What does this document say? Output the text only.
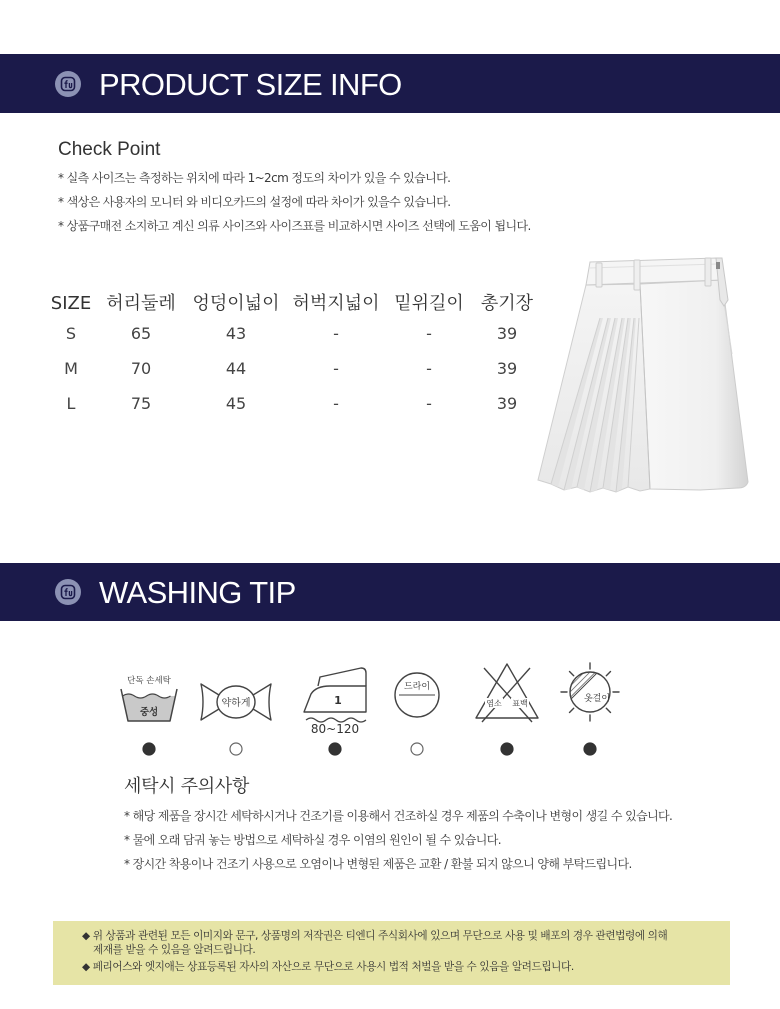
PRODUCT SIZE INFO
Check Point
* 실측 사이즈는 측정하는 위치에 따라 1~2cm 정도의 차이가 있을 수 있습니다.
* 색상은 사용자의 모니터 와 비디오카드의 설정에 따라 차이가 있을수 있습니다.
* 상품구매전 소지하고 계신 의류 사이즈와 사이즈표를 비교하시면 사이즈 선택에 도움이 됩니다.
SIZE 허리둘레 엉덩이넓이 허벅지넓이 밑위길이 총기장
S	65	43	-	-	39
M	70	44	-	-	39
L	75	45	-	-	39
WASHING TIP
단독 손세탁
중성
약하게	1
80~120
드라이
염소 표백	옷걸이
세탁시 주의사항
* 해당 제품을 장시간 세탁하시거나 건조기를 이용해서 건조하실 경우 제품의 수축이나 변형이 생길 수 있습니다.
* 물에 오래 담궈 놓는 방법으로 세탁하실 경우 이염의 원인이 될 수 있습니다.
* 장시간 착용이나 건조기 사용으로 오염이나 변형된 제품은 교환 / 환불 되지 않으니 양해 부탁드립니다.
◆ 위 상품과 관련된 모든 이미지와 문구, 상품명의 저작권은 티엔디 주식회사에 있으며 무단으로 사용 및 배포의 경우 관련법령에 의해
제재를 받을 수 있음을 알려드립니다.
◆ 페리어스와 엣지애는 상표등록된 자사의 자산으로 무단으로 사용시 법적 처벌을 받을 수 있음을 알려드립니다.
